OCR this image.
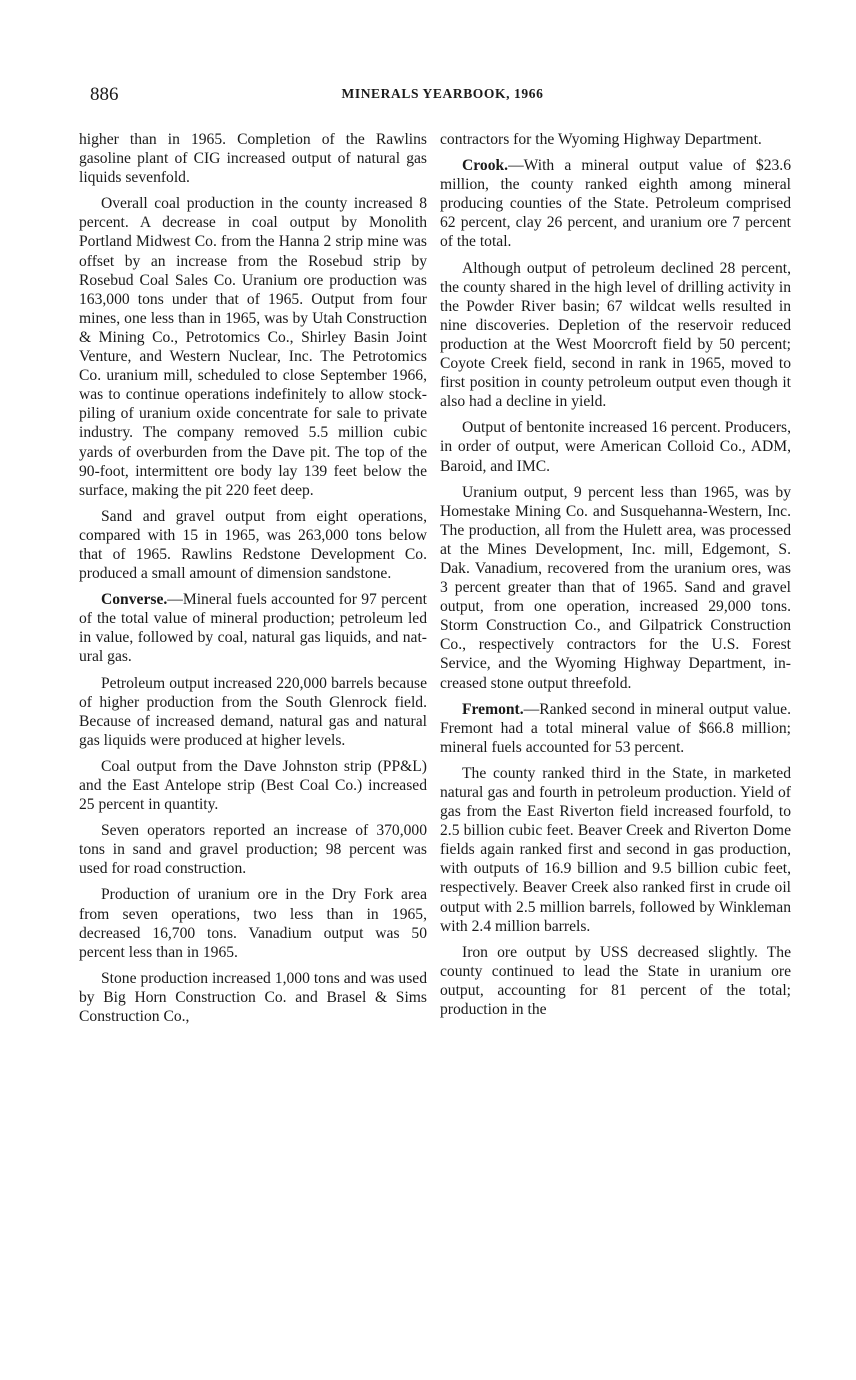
886	MINERALS YEARBOOK, 1966

higher than in 1965. Completion of the Rawlins gasoline plant of CIG increased output of natural gas liquids sevenfold.

Overall coal production in the county increased 8 percent. A decrease in coal output by Monolith Portland Midwest Co. from the Hanna 2 strip mine was offset by an increase from the Rosebud strip by Rosebud Coal Sales Co. Uranium ore production was 163,000 tons under that of 1965. Output from four mines, one less than in 1965, was by Utah Construction & Mining Co., Petrotomics Co., Shirley Basin Joint Venture, and Western Nuclear, Inc. The Petrotomics Co. uranium mill, scheduled to close September 1966, was to continue operations indefinitely to allow stockpiling of uranium oxide concentrate for sale to private industry. The company removed 5.5 million cubic yards of overburden from the Dave pit. The top of the 90-foot, intermittent ore body lay 139 feet below the surface, making the pit 220 feet deep.

Sand and gravel output from eight operations, compared with 15 in 1965, was 263,000 tons below that of 1965. Rawlins Redstone Development Co. produced a small amount of dimension sandstone.

Converse.—Mineral fuels accounted for 97 percent of the total value of mineral production; petroleum led in value, followed by coal, natural gas liquids, and natural gas.

Petroleum output increased 220,000 barrels because of higher production from the South Glenrock field. Because of increased demand, natural gas and natural gas liquids were produced at higher levels.

Coal output from the Dave Johnston strip (PP&L) and the East Antelope strip (Best Coal Co.) increased 25 percent in quantity.

Seven operators reported an increase of 370,000 tons in sand and gravel production; 98 percent was used for road construction.

Production of uranium ore in the Dry Fork area from seven operations, two less than in 1965, decreased 16,700 tons. Vanadium output was 50 percent less than in 1965.

Stone production increased 1,000 tons and was used by Big Horn Construction Co. and Brasel & Sims Construction Co.,

contractors for the Wyoming Highway Department.

Crook.—With a mineral output value of $23.6 million, the county ranked eighth among mineral producing counties of the State. Petroleum comprised 62 percent, clay 26 percent, and uranium ore 7 percent of the total.

Although output of petroleum declined 28 percent, the county shared in the high level of drilling activity in the Powder River basin; 67 wildcat wells resulted in nine discoveries. Depletion of the reservoir reduced production at the West Moorcroft field by 50 percent; Coyote Creek field, second in rank in 1965, moved to first position in county petroleum output even though it also had a decline in yield.

Output of bentonite increased 16 percent. Producers, in order of output, were American Colloid Co., ADM, Baroid, and IMC.

Uranium output, 9 percent less than 1965, was by Homestake Mining Co. and Susquehanna-Western, Inc. The production, all from the Hulett area, was processed at the Mines Development, Inc. mill, Edgemont, S. Dak. Vanadium, recovered from the uranium ores, was 3 percent greater than that of 1965. Sand and gravel output, from one operation, increased 29,000 tons. Storm Construction Co., and Gilpatrick Construction Co., respectively contractors for the U.S. Forest Service, and the Wyoming Highway Department, increased stone output threefold.

Fremont.—Ranked second in mineral output value. Fremont had a total mineral value of $66.8 million; mineral fuels accounted for 53 percent.

The county ranked third in the State, in marketed natural gas and fourth in petroleum production. Yield of gas from the East Riverton field increased fourfold, to 2.5 billion cubic feet. Beaver Creek and Riverton Dome fields again ranked first and second in gas production, with outputs of 16.9 billion and 9.5 billion cubic feet, respectively. Beaver Creek also ranked first in crude oil output with 2.5 million barrels, followed by Winkleman with 2.4 million barrels.

Iron ore output by USS decreased slightly. The county continued to lead the State in uranium ore output, accounting for 81 percent of the total; production in the
